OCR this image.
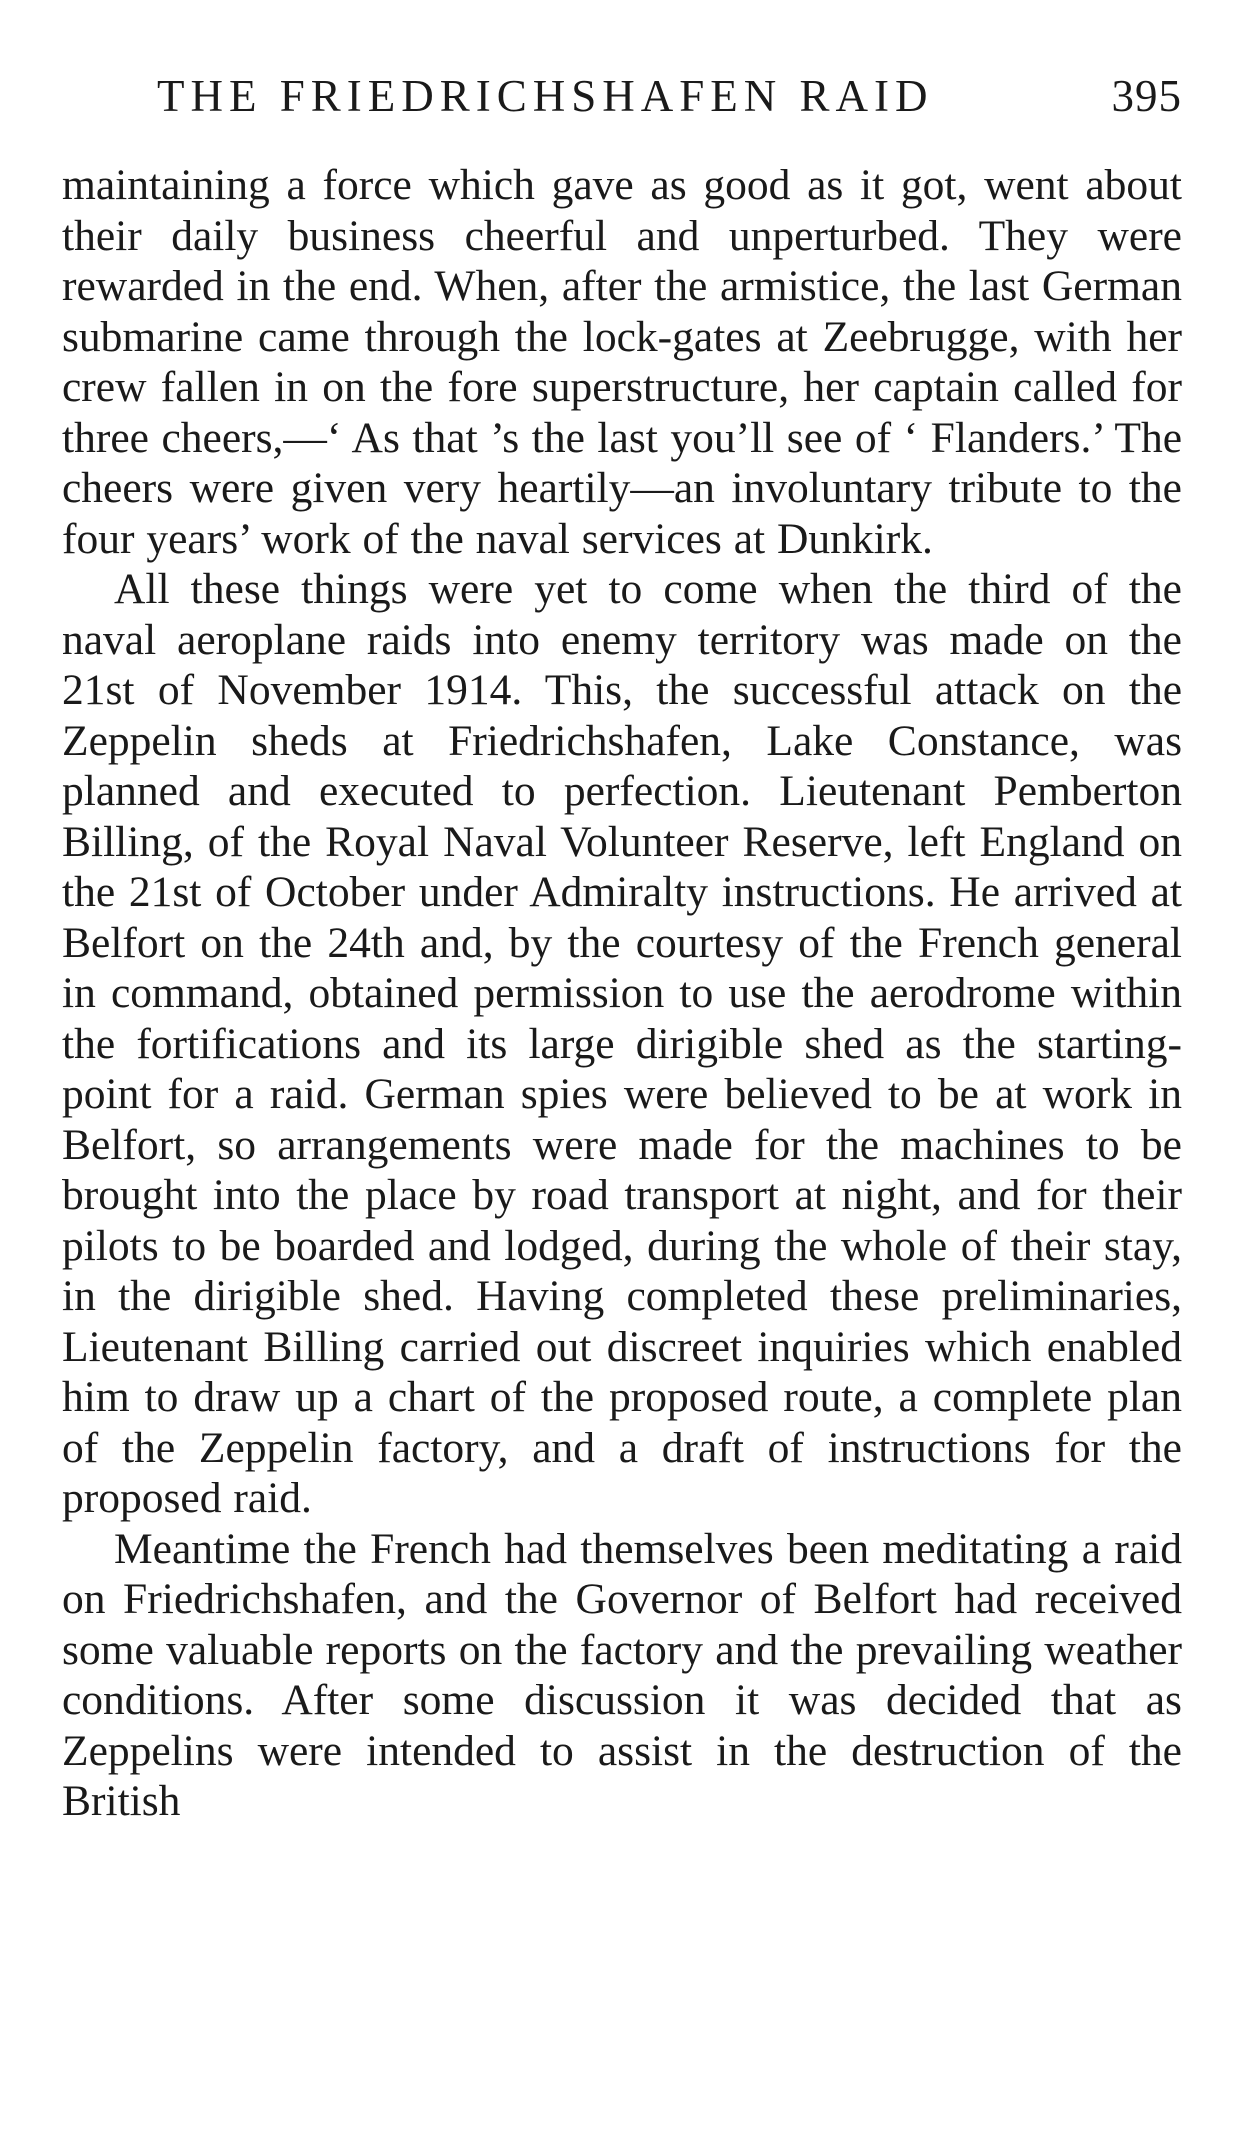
THE FRIEDRICHSHAFEN RAID	395

maintaining a force which gave as good as it got, went about their daily business cheerful and unperturbed. They were rewarded in the end. When, after the armistice, the last German submarine came through the lock-gates at Zeebrugge, with her crew fallen in on the fore superstructure, her captain called for three cheers,—‘ As that ’s the last you’ll see of ‘ Flanders.’ The cheers were given very heartily—an involuntary tribute to the four years’ work of the naval services at Dunkirk.

All these things were yet to come when the third of the naval aeroplane raids into enemy territory was made on the 21st of November 1914. This, the successful attack on the Zeppelin sheds at Friedrichshafen, Lake Constance, was planned and executed to perfection. Lieutenant Pemberton Billing, of the Royal Naval Volunteer Reserve, left England on the 21st of October under Admiralty instructions. He arrived at Belfort on the 24th and, by the courtesy of the French general in command, obtained permission to use the aerodrome within the fortifications and its large dirigible shed as the starting-point for a raid. German spies were believed to be at work in Belfort, so arrangements were made for the machines to be brought into the place by road transport at night, and for their pilots to be boarded and lodged, during the whole of their stay, in the dirigible shed. Having completed these preliminaries, Lieutenant Billing carried out discreet inquiries which enabled him to draw up a chart of the proposed route, a complete plan of the Zeppelin factory, and a draft of instructions for the proposed raid.

Meantime the French had themselves been meditating a raid on Friedrichshafen, and the Governor of Belfort had received some valuable reports on the factory and the prevailing weather conditions. After some discussion it was decided that as Zeppelins were intended to assist in the destruction of the British
